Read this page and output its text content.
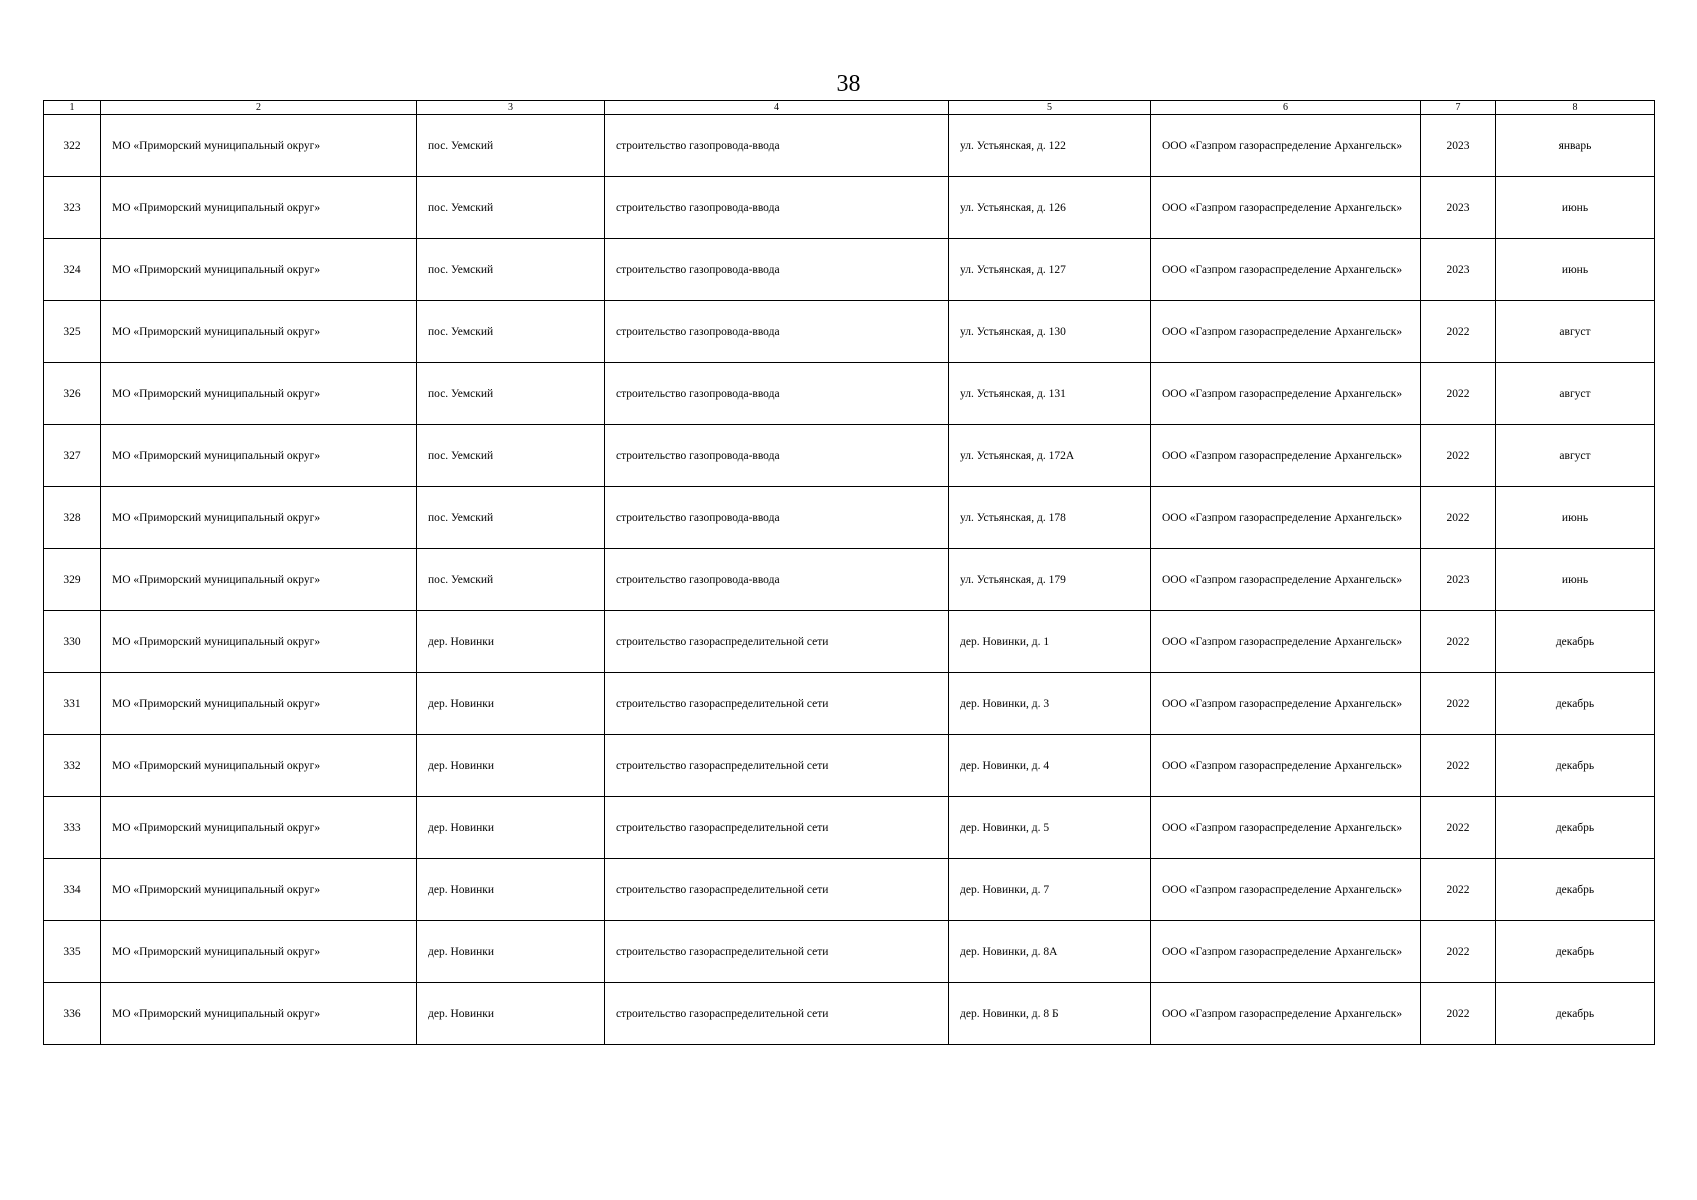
38
1	2	3	4	5	6	7	8
322	МО «Приморский муниципальный округ»	пос. Уемский	строительство газопровода-ввода	ул. Устьянская, д. 122	ООО «Газпром газораспределение Архангельск»	2023	январь
323	МО «Приморский муниципальный округ»	пос. Уемский	строительство газопровода-ввода	ул. Устьянская, д. 126	ООО «Газпром газораспределение Архангельск»	2023	июнь
324	МО «Приморский муниципальный округ»	пос. Уемский	строительство газопровода-ввода	ул. Устьянская, д. 127	ООО «Газпром газораспределение Архангельск»	2023	июнь
325	МО «Приморский муниципальный округ»	пос. Уемский	строительство газопровода-ввода	ул. Устьянская, д. 130	ООО «Газпром газораспределение Архангельск»	2022	август
326	МО «Приморский муниципальный округ»	пос. Уемский	строительство газопровода-ввода	ул. Устьянская, д. 131	ООО «Газпром газораспределение Архангельск»	2022	август
327	МО «Приморский муниципальный округ»	пос. Уемский	строительство газопровода-ввода	ул. Устьянская, д. 172А	ООО «Газпром газораспределение Архангельск»	2022	август
328	МО «Приморский муниципальный округ»	пос. Уемский	строительство газопровода-ввода	ул. Устьянская, д. 178	ООО «Газпром газораспределение Архангельск»	2022	июнь
329	МО «Приморский муниципальный округ»	пос. Уемский	строительство газопровода-ввода	ул. Устьянская, д. 179	ООО «Газпром газораспределение Архангельск»	2023	июнь
330	МО «Приморский муниципальный округ»	дер. Новинки	строительство газораспределительной сети	дер. Новинки, д. 1	ООО «Газпром газораспределение Архангельск»	2022	декабрь
331	МО «Приморский муниципальный округ»	дер. Новинки	строительство газораспределительной сети	дер. Новинки, д. 3	ООО «Газпром газораспределение Архангельск»	2022	декабрь
332	МО «Приморский муниципальный округ»	дер. Новинки	строительство газораспределительной сети	дер. Новинки, д. 4	ООО «Газпром газораспределение Архангельск»	2022	декабрь
333	МО «Приморский муниципальный округ»	дер. Новинки	строительство газораспределительной сети	дер. Новинки, д. 5	ООО «Газпром газораспределение Архангельск»	2022	декабрь
334	МО «Приморский муниципальный округ»	дер. Новинки	строительство газораспределительной сети	дер. Новинки, д. 7	ООО «Газпром газораспределение Архангельск»	2022	декабрь
335	МО «Приморский муниципальный округ»	дер. Новинки	строительство газораспределительной сети	дер. Новинки, д. 8А	ООО «Газпром газораспределение Архангельск»	2022	декабрь
336	МО «Приморский муниципальный округ»	дер. Новинки	строительство газораспределительной сети	дер. Новинки, д. 8 Б	ООО «Газпром газораспределение Архангельск»	2022	декабрь
